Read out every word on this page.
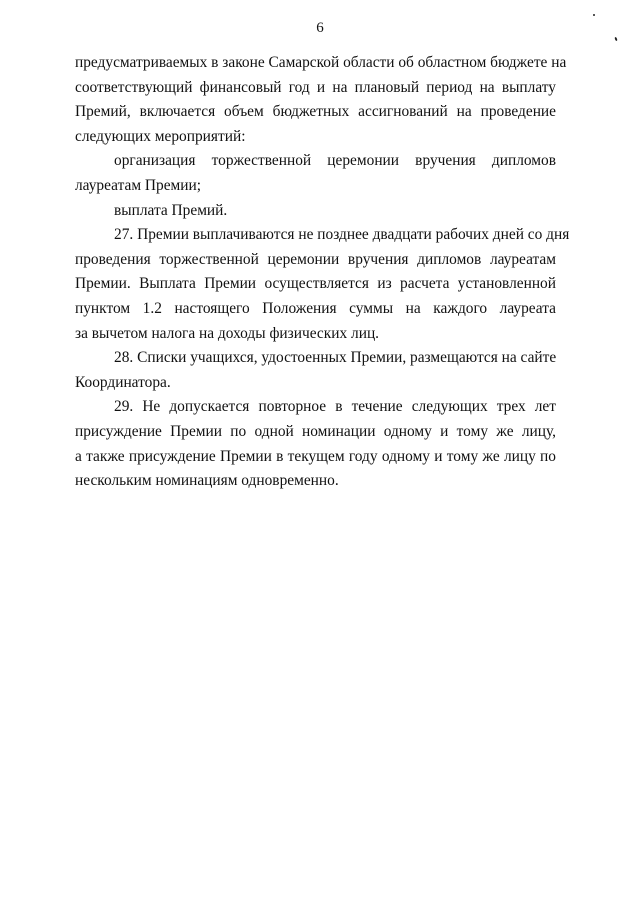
6

предусматриваемых в законе Самарской области об областном бюджете на
соответствующий финансовый год и на плановый период на выплату
Премий, включается объем бюджетных ассигнований на проведение
следующих мероприятий:

организация торжественной церемонии вручения дипломов
лауреатам Премии;

выплата Премий.

27. Премии выплачиваются не позднее двадцати рабочих дней со дня
проведения торжественной церемонии вручения дипломов лауреатам
Премии. Выплата Премии осуществляется из расчета установленной
пунктом 1.2 настоящего Положения суммы на каждого лауреата
за вычетом налога на доходы физических лиц.

28. Списки учащихся, удостоенных Премии, размещаются на сайте
Координатора.

29. Не допускается повторное в течение следующих трех лет
присуждение Премии по одной номинации одному и тому же лицу,
а также присуждение Премии в текущем году одному и тому же лицу по
нескольким номинациям одновременно.
